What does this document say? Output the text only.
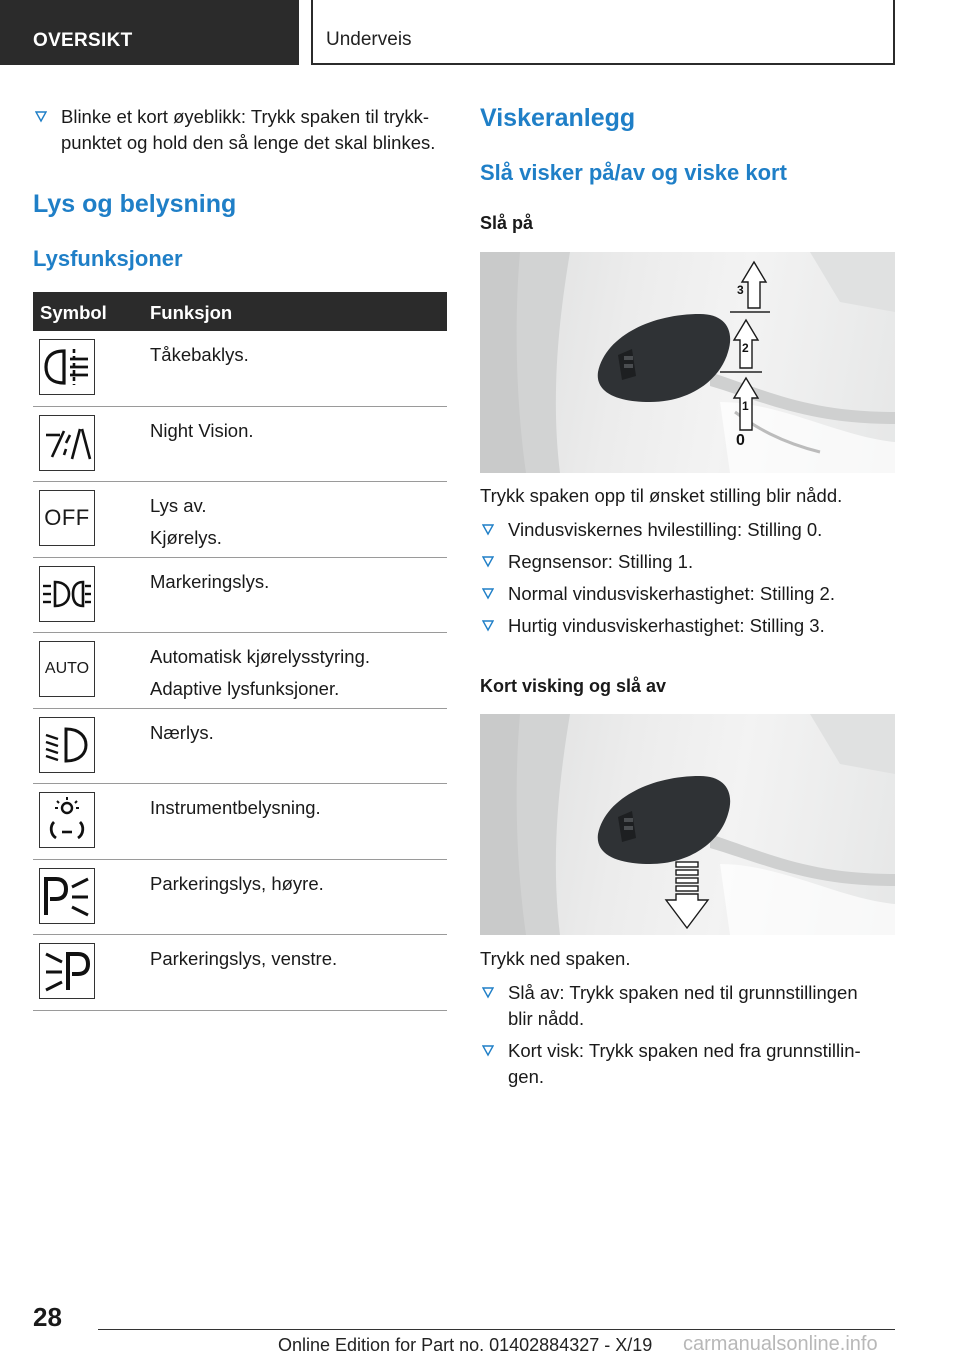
OVERSIKT	Underveis
Blinke et kort øyeblikk: Trykk spaken til trykk‐
punktet og hold den så lenge det skal blinkes.
Lys og belysning
Lysfunksjoner
Symbol Funksjon
Tåkebaklys.
Night Vision.
OFF	Lys av.
Kjørelys.
Markeringslys.
AUTO
Automatisk kjørelysstyring.
Adaptive lysfunksjoner.
Nærlys.
Instrumentbelysning.
Parkeringslys, høyre.
Parkeringslys, venstre.
Viskeranlegg
Slå visker på/av og viske kort
Slå på
3
2
1
0
Trykk spaken opp til ønsket stilling blir nådd.
Vindusviskernes hvilestilling: Stilling 0.
Regnsensor: Stilling 1.
Normal vindusviskerhastighet: Stilling 2.
Hurtig vindusviskerhastighet: Stilling 3.
Kort visking og slå av
Trykk ned spaken.
Slå av: Trykk spaken ned til grunnstillingen
blir nådd.
Kort visk: Trykk spaken ned fra grunnstillin‐
gen.
28
Online Edition for Part no. 01402884327 - X/19 carmanualsonline.info
